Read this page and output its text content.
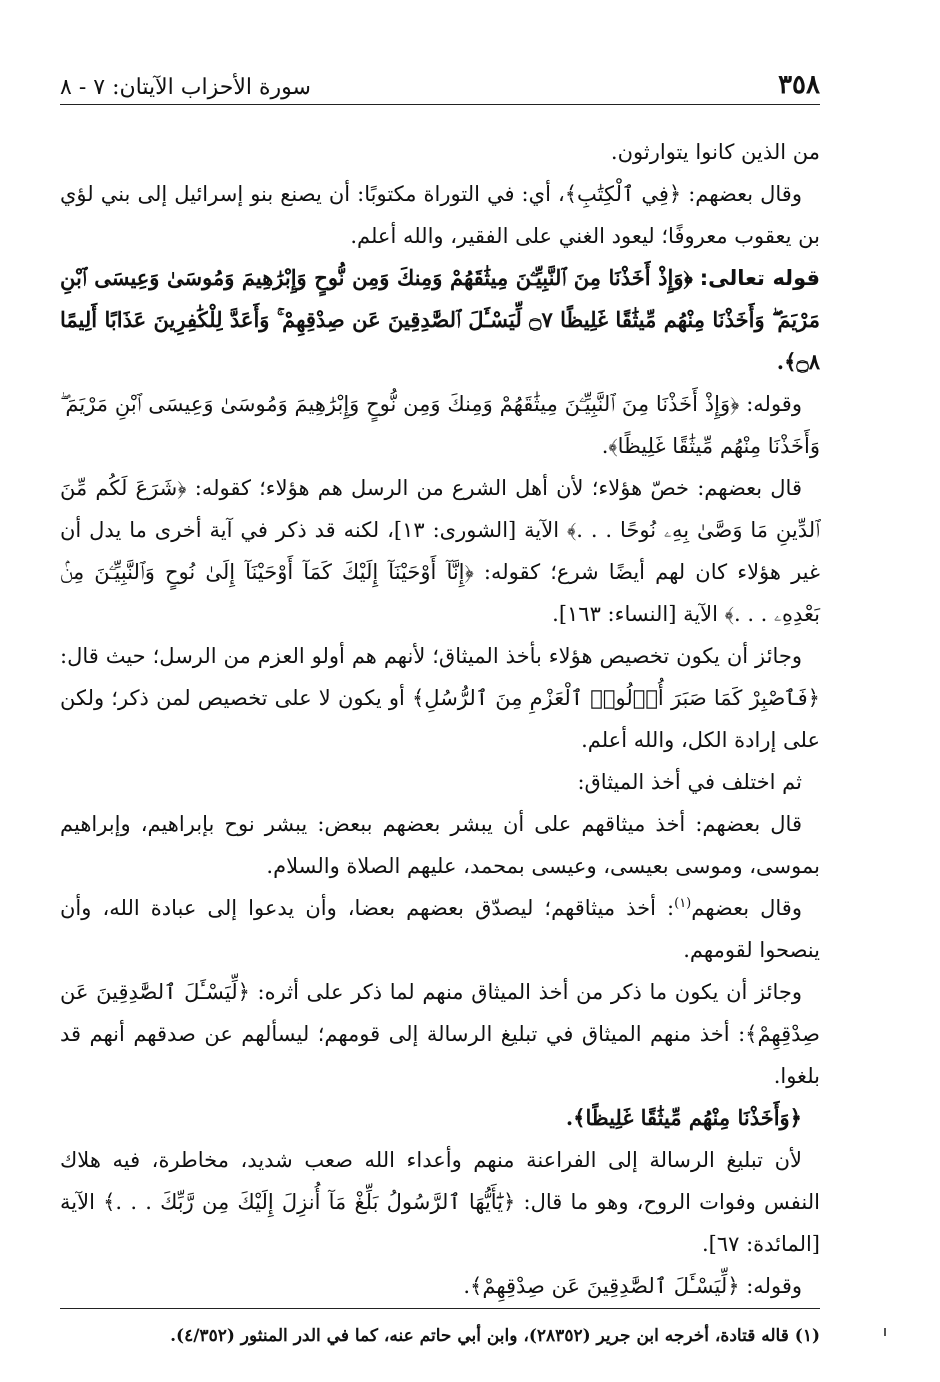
٣٥٨
سورة الأحزاب الآيتان: ٧ - ٨

من الذين كانوا يتوارثون.

وقال بعضهم: ﴿فِي ٱلْكِتَٰبِ﴾، أي: في التوراة مكتوبًا: أن يصنع بنو إسرائيل إلى بني لؤي بن يعقوب معروفًا؛ ليعود الغني على الفقير، والله أعلم.

قوله تعالى: ﴿وَإِذْ أَخَذْنَا مِنَ ٱلنَّبِيِّـۧنَ مِيثَٰقَهُمْ وَمِنكَ وَمِن نُّوحٍ وَإِبْرَٰهِيمَ وَمُوسَىٰ وَعِيسَى ٱبْنِ مَرْيَمَ ۖ وَأَخَذْنَا مِنْهُم مِّيثَٰقًا غَلِيظًا ۝٧ لِّيَسْـَٔلَ ٱلصَّٰدِقِينَ عَن صِدْقِهِمْ ۚ وَأَعَدَّ لِلْكَٰفِرِينَ عَذَابًا أَلِيمًا ۝٨﴾.

وقوله: ﴿وَإِذْ أَخَذْنَا مِنَ ٱلنَّبِيِّـۧنَ مِيثَٰقَهُمْ وَمِنكَ وَمِن نُّوحٍ وَإِبْرَٰهِيمَ وَمُوسَىٰ وَعِيسَى ٱبْنِ مَرْيَمَ ۖ وَأَخَذْنَا مِنْهُم مِّيثَٰقًا غَلِيظًا﴾.

قال بعضهم: خصّ هؤلاء؛ لأن أهل الشرع من الرسل هم هؤلاء؛ كقوله: ﴿شَرَعَ لَكُم مِّنَ ٱلدِّينِ مَا وَصَّىٰ بِهِۦ نُوحًا . . .﴾ الآية [الشورى: ١٣]، لكنه قد ذكر في آية أخرى ما يدل أن غير هؤلاء كان لهم أيضًا شرع؛ كقوله: ﴿إِنَّآ أَوْحَيْنَآ إِلَيْكَ كَمَآ أَوْحَيْنَآ إِلَىٰ نُوحٍ وَٱلنَّبِيِّـۧنَ مِنۢ بَعْدِهِۦ . . .﴾ الآية [النساء: ١٦٣].

وجائز أن يكون تخصيص هؤلاء بأخذ الميثاق؛ لأنهم هم أولو العزم من الرسل؛ حيث قال: ﴿فَٱصْبِرْ كَمَا صَبَرَ أُو۟لُوا۟ ٱلْعَزْمِ مِنَ ٱلرُّسُلِ﴾ أو يكون لا على تخصيص لمن ذكر؛ ولكن على إرادة الكل، والله أعلم.

ثم اختلف في أخذ الميثاق:

قال بعضهم: أخذ ميثاقهم على أن يبشر بعضهم ببعض: يبشر نوح بإبراهيم، وإبراهيم بموسى، وموسى بعيسى، وعيسى بمحمد، عليهم الصلاة والسلام.

وقال بعضهم$^{(١)}$: أخذ ميثاقهم؛ ليصدّق بعضهم بعضا، وأن يدعوا إلى عبادة الله، وأن ينصحوا لقومهم.

وجائز أن يكون ما ذكر من أخذ الميثاق منهم لما ذكر على أثره: ﴿لِّيَسْـَٔلَ ٱلصَّٰدِقِينَ عَن صِدْقِهِمْ﴾: أخذ منهم الميثاق في تبليغ الرسالة إلى قومهم؛ ليسألهم عن صدقهم أنهم قد بلغوا.

﴿وَأَخَذْنَا مِنْهُم مِّيثَٰقًا غَلِيظًا﴾.

لأن تبليغ الرسالة إلى الفراعنة منهم وأعداء الله صعب شديد، مخاطرة، فيه هلاك النفس وفوات الروح، وهو ما قال: ﴿يَٰٓأَيُّهَا ٱلرَّسُولُ بَلِّغْ مَآ أُنزِلَ إِلَيْكَ مِن رَّبِّكَ . . .﴾ الآية [المائدة: ٦٧].

وقوله: ﴿لِّيَسْـَٔلَ ٱلصَّٰدِقِينَ عَن صِدْقِهِمْ﴾.

(١) قاله قتادة، أخرجه ابن جرير (٢٨٣٥٢)، وابن أبي حاتم عنه، كما في الدر المنثور (٤/٣٥٢).
